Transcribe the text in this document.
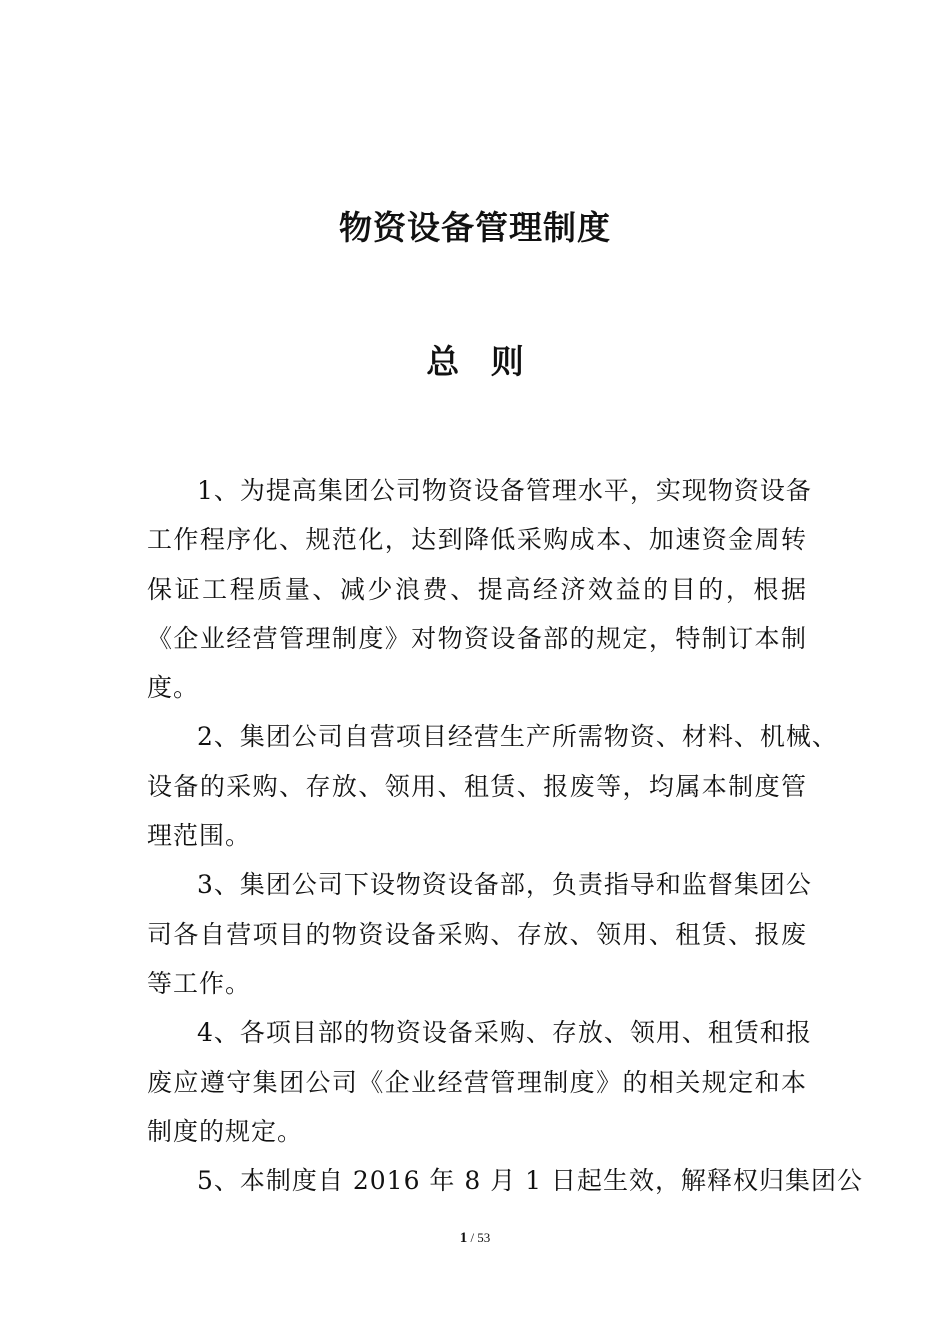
物资设备管理制度
总 则
1、为提高集团公司物资设备管理水平，实现物资设备
工作程序化、规范化，达到降低采购成本、加速资金周转
保证工程质量、减少浪费、提高经济效益的目的，根据
《企业经营管理制度》对物资设备部的规定，特制订本制
度。
2、集团公司自营项目经营生产所需物资、材料、机械、
设备的采购、存放、领用、租赁、报废等，均属本制度管
理范围。
3、集团公司下设物资设备部，负责指导和监督集团公
司各自营项目的物资设备采购、存放、领用、租赁、报废
等工作。
4、各项目部的物资设备采购、存放、领用、租赁和报
废应遵守集团公司《企业经营管理制度》的相关规定和本
制度的规定。
5、本制度自 2016 年 8 月 1 日起生效，解释权归集团公
1 / 53
